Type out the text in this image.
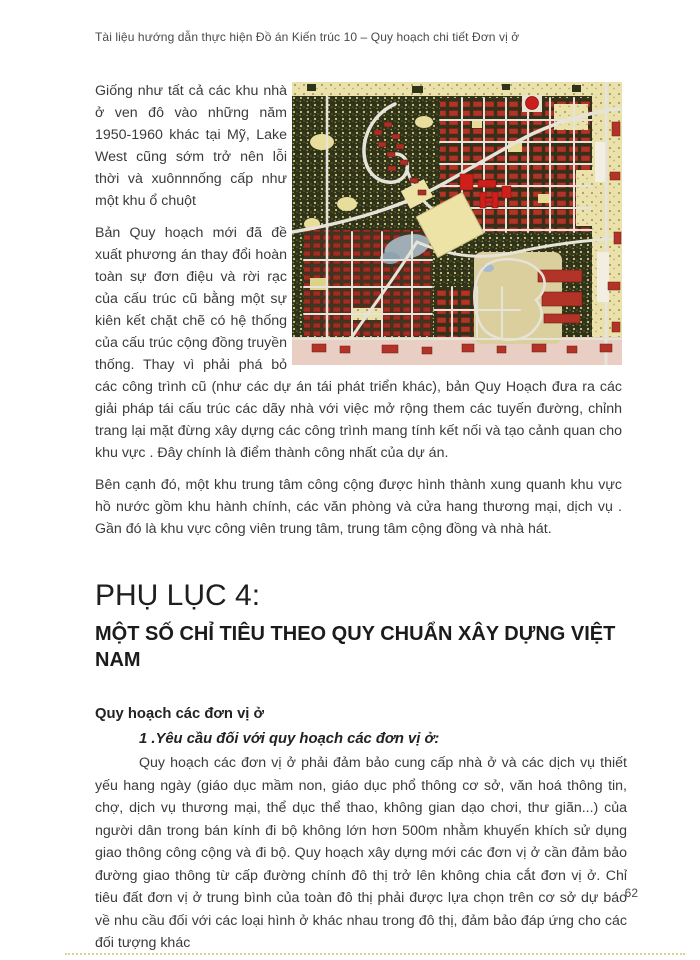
Tài liệu hướng dẫn thực hiện Đồ án Kiến trúc 10 – Quy hoạch chi tiết Đơn vị ở

Giống như tất cả các khu nhà ở ven đô vào những năm 1950-1960 khác tại Mỹ, Lake West cũng sớm trở nên lỗi thời và xuônnnống cấp như một khu ổ chuột

Bản Quy hoạch mới đã đề xuất phương án thay đổi hoàn toàn sự đơn điệu và rời rạc của cấu trúc cũ bằng một sự kiên kết chặt chẽ có hệ thống của cấu trúc cộng đồng truyền thống. Thay vì phải phá bỏ các công trình cũ (như các dự án tái phát triển khác), bản Quy Hoạch đưa ra các giải pháp tái cấu trúc các dãy nhà với việc mở rộng them các tuyến đường, chỉnh trang lại mặt đừng xây dựng các công trình mang tính kết nối và tạo cảnh quan cho khu vực . Đây chính là điểm thành công nhất của dự án.

Bên cạnh đó, một khu trung tâm công cộng được hình thành xung quanh khu vực hồ nước gồm khu hành chính, các văn phòng và cửa hang thương mại, dịch vụ . Gần đó là khu vực công viên trung tâm, trung tâm cộng đồng và nhà hát.

PHỤ LỤC 4:
MỘT SỐ CHỈ TIÊU THEO QUY CHUẨN XÂY DỰNG VIỆT NAM
Quy hoạch các đơn vị ở
1 .Yêu cầu đối với quy hoạch các đơn vị ở:

Quy hoạch các đơn vị ở phải đảm bảo cung cấp nhà ở và các dịch vụ thiết yếu hang ngày (giáo dục mầm non, giáo dục phổ thông cơ sở, văn hoá thông tin, chợ, dịch vụ thương mại, thể dục thể thao, không gian dạo chơi, thư giãn...) của người dân trong bán kính đi bộ không lớn hơn 500m nhằm khuyến khích sử dụng giao thông công cộng và đi bộ. Quy hoạch xây dựng mới các đơn vị ở cần đảm bảo đường giao thông từ cấp đường chính đô thị trở lên không chia cắt đơn vị ở. Chỉ tiêu đất đơn vị ở trung bình của toàn đô thị phải được lựa chọn trên cơ sở dự báo về nhu cầu đối với các loại hình ở khác nhau trong đô thị, đảm bảo đáp ứng cho các đối tượng khác

62
